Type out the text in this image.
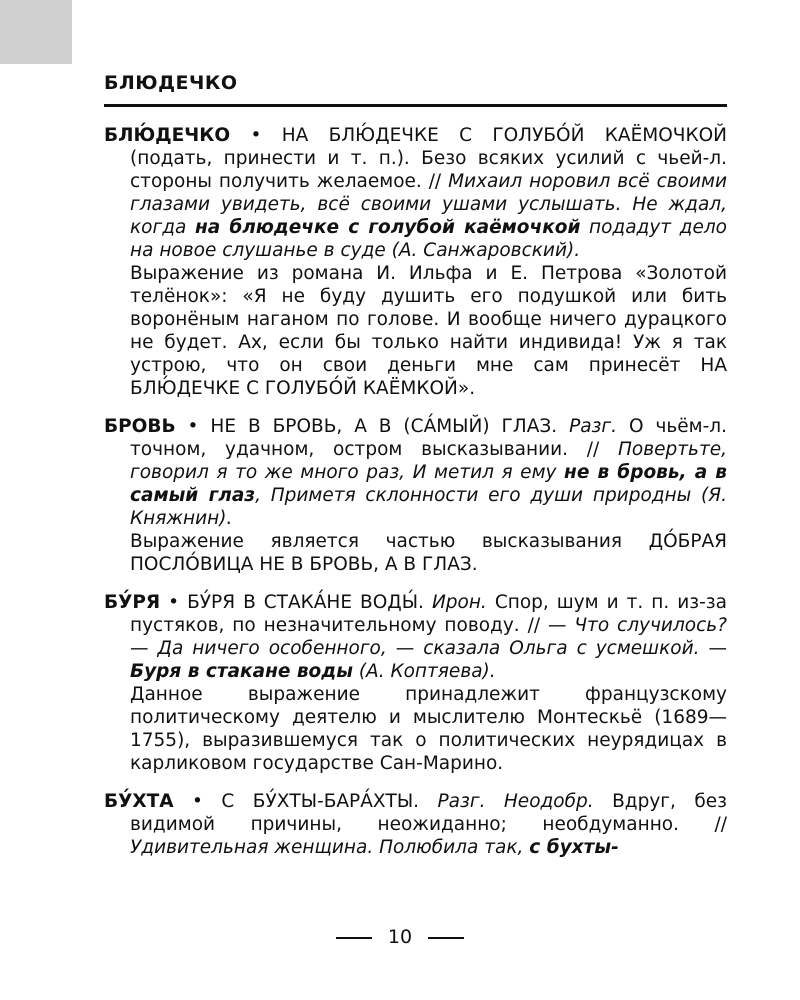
БЛЮДЕЧКО

БЛЮ́ДЕЧКО • НА БЛЮ́ДЕЧКЕ С ГОЛУБО́Й КАЁМОЧКОЙ (подать, принести и т. п.). Безо всяких усилий с чьей-л. стороны получить желаемое. // Михаил норовил всё своими глазами увидеть, всё своими ушами услышать. Не ждал, когда на блюдечке с голубой каёмочкой подадут дело на новое слушанье в суде (А. Санжаровский).

Выражение из романа И. Ильфа и Е. Петрова «Золотой телёнок»: «Я не буду душить его подушкой или бить воронёным наганом по голове. И вообще ничего дурацкого не будет. Ах, если бы только найти индивида! Уж я так устрою, что он свои деньги мне сам принесёт НА БЛЮ́ДЕЧКЕ С ГОЛУБО́Й КАЁМКОЙ».

БРОВЬ • НЕ В БРОВЬ, А В (СА́МЫЙ) ГЛАЗ. Разг. О чьём-л. точном, удачном, остром высказывании. // Повертьте, говорил я то же много раз, И метил я ему не в бровь, а в самый глаз, Приметя склонности его души природны (Я. Княжнин).

Выражение является частью высказывания ДО́БРАЯ ПОСЛО́ВИЦА НЕ В БРОВЬ, А В ГЛАЗ.

БУ́РЯ • БУ́РЯ В СТАКА́НЕ ВОДЫ́. Ирон. Спор, шум и т. п. из-за пустяков, по незначительному поводу. // — Что случилось? — Да ничего особенного, — сказала Ольга с усмешкой. — Буря в стакане воды (А. Коптяева).

Данное выражение принадлежит французскому политическому деятелю и мыслителю Монтескьё (1689—1755), выразившемуся так о политических неурядицах в карликовом государстве Сан-Марино.

БУ́ХТА • С БУ́ХТЫ-БАРА́ХТЫ. Разг. Неодобр. Вдруг, без видимой причины, неожиданно; необдуманно. // Удивительная женщина. Полюбила так, с бухты-

10
